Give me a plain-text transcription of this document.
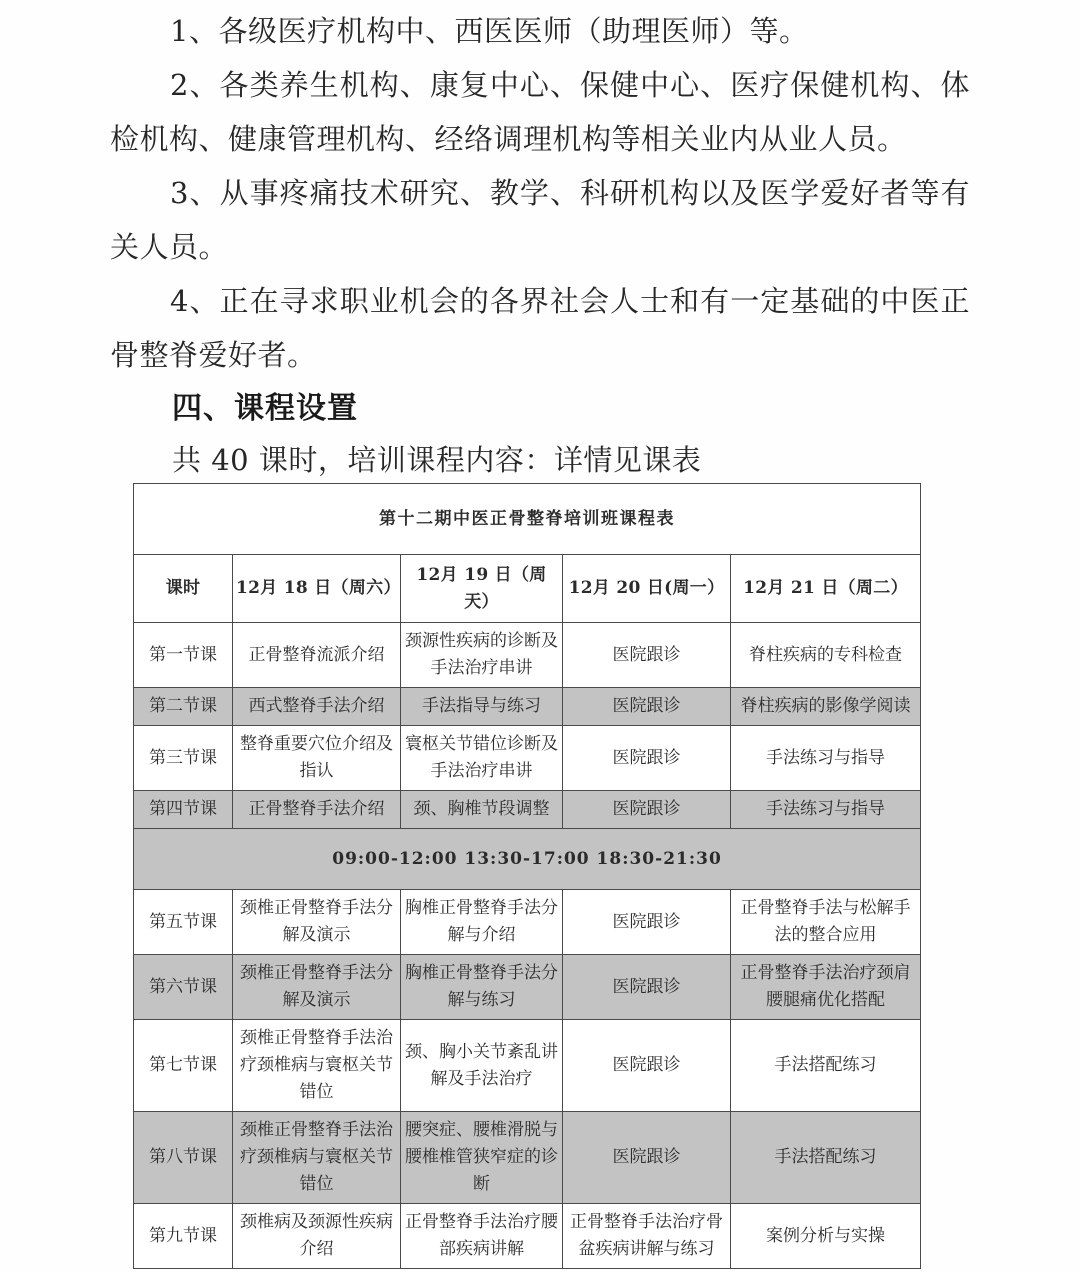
1、各级医疗机构中、西医医师（助理医师）等。

2、各类养生机构、康复中心、保健中心、医疗保健机构、体检机构、健康管理机构、经络调理机构等相关业内从业人员。

3、从事疼痛技术研究、教学、科研机构以及医学爱好者等有关人员。

4、正在寻求职业机会的各界社会人士和有一定基础的中医正骨整脊爱好者。

四、课程设置
共 40 课时，培训课程内容：详情见课表
第十二期中医正骨整脊培训班课程表				
课时	12月 18 日（周六）	12月 19 日（周天）	12月 20 日(周一）	12月 21 日（周二）
第一节课	正骨整脊流派介绍	颈源性疾病的诊断及手法治疗串讲	医院跟诊	脊柱疾病的专科检查
第二节课	西式整脊手法介绍	手法指导与练习	医院跟诊	脊柱疾病的影像学阅读
第三节课	整脊重要穴位介绍及指认	寰枢关节错位诊断及手法治疗串讲	医院跟诊	手法练习与指导
第四节课	正骨整脊手法介绍	颈、胸椎节段调整	医院跟诊	手法练习与指导
09:00-12:00 13:30-17:00 18:30-21:30				
第五节课	颈椎正骨整脊手法分解及演示	胸椎正骨整脊手法分解与介绍	医院跟诊	正骨整脊手法与松解手法的整合应用
第六节课	颈椎正骨整脊手法分解及演示	胸椎正骨整脊手法分解与练习	医院跟诊	正骨整脊手法治疗颈肩腰腿痛优化搭配
第七节课	颈椎正骨整脊手法治疗颈椎病与寰枢关节错位	颈、胸小关节紊乱讲解及手法治疗	医院跟诊	手法搭配练习
第八节课	颈椎正骨整脊手法治疗颈椎病与寰枢关节错位	腰突症、腰椎滑脱与腰椎椎管狭窄症的诊断	医院跟诊	手法搭配练习
第九节课	颈椎病及颈源性疾病介绍	正骨整脊手法治疗腰部疾病讲解	正骨整脊手法治疗骨盆疾病讲解与练习	案例分析与实操
